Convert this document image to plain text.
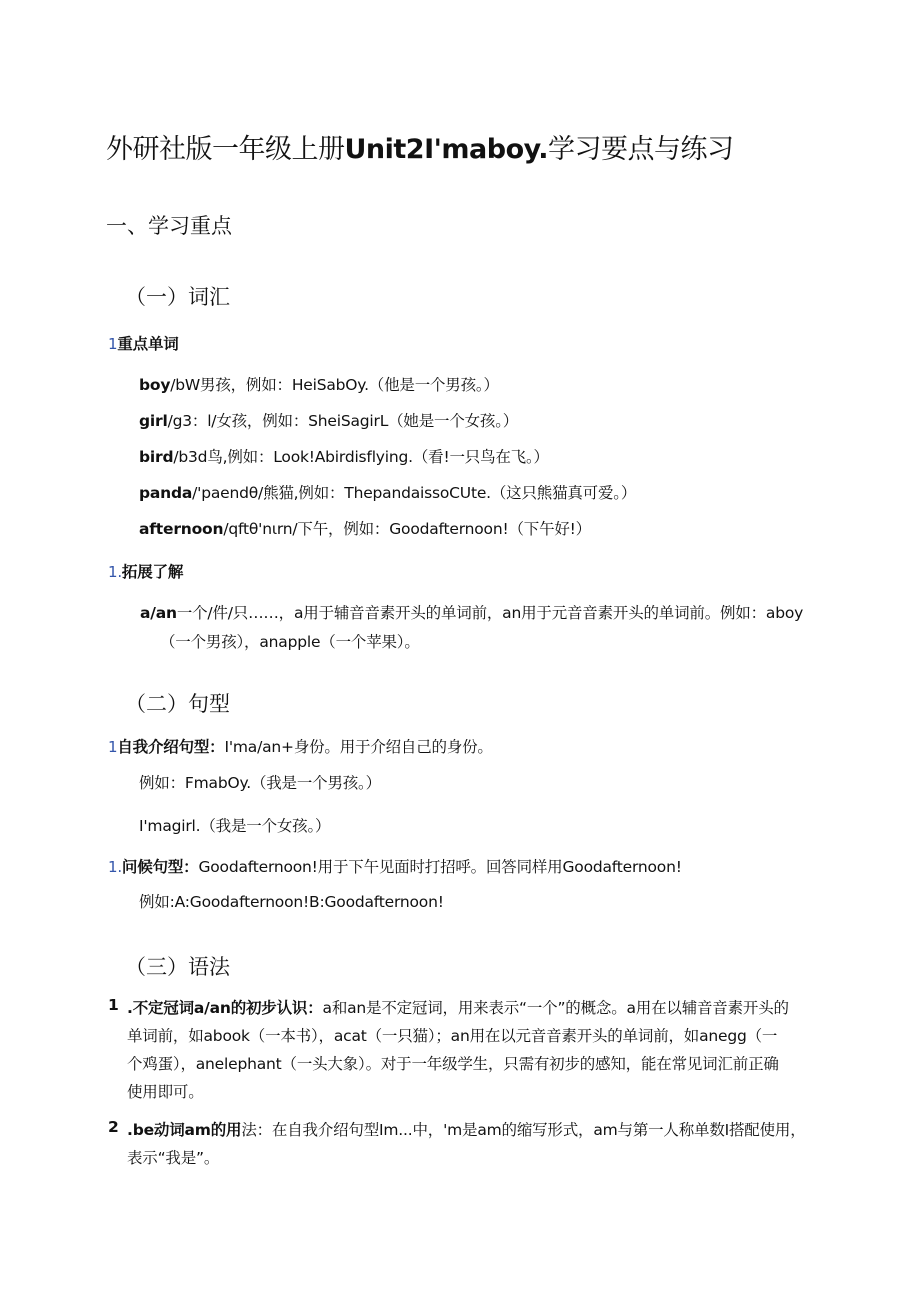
外研社版一年级上册Unit2I'maboy.学习要点与练习
一、学习重点
（一）词汇
1重点单词
boy/bW男孩，例如：HeiSabOy.（他是一个男孩。）
girl/g3：l/女孩，例如：SheiSagirL（她是一个女孩。）
bird/b3d鸟,例如：Look!Abirdisflying.（看!一只鸟在飞。）
panda/'paendθ/熊猫,例如：ThepandaissoCUte.（这只熊猫真可爱。）
afternoon/qftθ'nιrn/下午，例如：Goodafternoon!（下午好!）
1.拓展了解
a/an一个/件/只……，a用于辅音音素开头的单词前，an用于元音音素开头的单词前。例如：aboy
（一个男孩），anapple（一个苹果）。
（二）句型
1自我介绍句型：I'ma/an+身份。用于介绍自己的身份。
例如：FmabOy.（我是一个男孩。）
I'magirl.（我是一个女孩。）
1.问候句型：Goodafternoon!用于下午见面时打招呼。回答同样用Goodafternoon!
例如:A:Goodafternoon!B:Goodafternoon!
（三）语法
1 .不定冠词a/an的初步认识：a和an是不定冠词，用来表示“一个”的概念。a用在以辅音音素开头的
单词前，如abook（一本书），acat（一只猫）；an用在以元音音素开头的单词前，如anegg（一
个鸡蛋），anelephant（一头大象）。对于一年级学生，只需有初步的感知，能在常见词汇前正确
使用即可。
2 .be动词am的用法：在自我介绍句型Im...中，'m是am的缩写形式，am与第一人称单数I搭配使用，
表示“我是”。
